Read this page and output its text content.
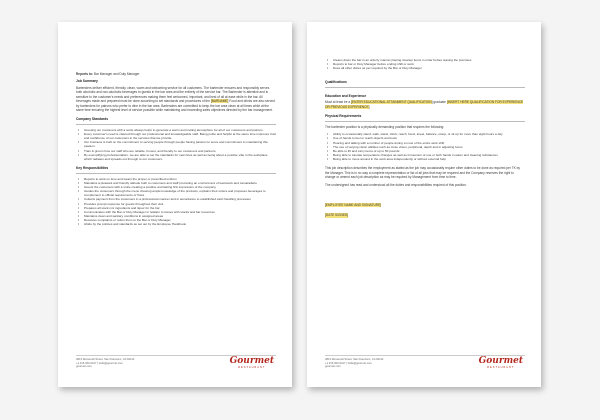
Reports to: Bar Manager and Duty Manager

Job Summary

Bartenders deliver efficient, friendly, clean, warm and welcoming service for all customers. The bartender ensures and responsibly serves both alcoholic and non-alcoholic beverages to guests in the bar area and the entirety of the service bar. The Bartender is attentive and is sensitive to the customer's needs and preferences making them feel welcomed, important, and best of all at ease while in the bar. All beverages made and prepared must be done according to set standards and procedures of the [BARNAME] Food and drinks are also served by bartenders for patrons who prefer to dine in the bar area. Bartenders are committed to keep the bar area clean at all times while at the same time ensuring the highest level of service possible while maintaining and exceeding sales objectives directed by the bar management.

Company Standards

• Greeting our customers with a smile always helps to generate a warm and inviting atmosphere for all of our customers and patrons.
• Every customer's need is catered through our professional and knowledgeable staff. Being polite and helpful at the same time improves trust and confidence of our customers in the services that we provide.
• Our business is built on the commitment to serving people through people having passion to serve and commitment to maintaining this passion.
• Train & groom how our staff who are reliable, honest, and friendly to our customers and partners.
• By exemplifying professionalism, we are able to set the standards for new hires as well as being about a positive vibe in the workplace which radiates and spreads out through to our customers.

Key Responsibilities

• Reports to work on time and wears the proper or prescribed uniform
• Maintains a pleasant and friendly attitude both to customers and staff promoting an environment of teamwork and camaraderie
• Greets the customers with a smile creating a positive and lasting first impression of the company
• Guides the customers through the menu showing ample knowledge of the products, explains their orders and proposes beverages to complement to official requirements or flows
• Collects payment from the customers in a professional manner and in accordance to established cash handling processes
• Provides prompt response for guests throughout their visit
• Prepares all stock mix ingredients and liquor for the bar
• Communicates with the Bar or Duty Manager in relation to issues with stocks and bar resources
• Maintains clean and sanitary conditions in assigned areas
• Resolves complaints or refers them to the Bar or Duty Manager
• Abide by the policies and standards as set out by the Employee Handbook
4813 Roosevelt Street, San Francisco, CA 94114
+1 415-000-0127 | hello@gourmet.com
gourmet.com
Gourmet
RESTAURANT
• Cleans down the bar in an orderly manner placing cleanup items in order before leaving the premises
• Reports to bar or Duty Manager before ending shift or work
• Does all other duties as per required by the Bar or Duty Manager

Qualifications

Education and Experience

Must at least be a [ENTER EDUCATIONAL ATTAINMENT QUALIFICATION] graduate [INSERT HERE QUALIFICATION FOR EXPERIENCE OR PREVIOUS EXPERIENCE]

Physical Requirements

The bartender position is a physically demanding position that requires the following:

• Ability to occasionally stand, walk, stand, climb, reach, bend, kneel, balance, stoop, or sit up for more than eight hours a day
• Use of hands to feel or reach objects and tools
• Hearing and talking with a number of people during a most of the entire work shift
• The use of varying vision abilities such as close vision, peripheral, depth and in adjusting focus
• Be able to lift and carry items of up to 50 pounds
• Being able to tolerate temperature changes as well as immersion of one or both hands in water and cleaning substances
• Being able to move around in the work area independently or without external help

This job description describes the employment as stated as the job may occasionally require other duties to be done as required per TK by the Manager. This is in no way a complete representation or list of all jobs that may be required and the Company reserves the right to change or amend each job description as may be required by Management from time to time.

The undersigned has read and understood all the duties and responsibilities required of this position.

[EMPLOYEE NAME AND SIGNATURE]

[DATE SIGNED]

4813 Roosevelt Street, San Francisco, CA 94114
+1 415-000-0127 | hello@gourmet.com
gourmet.com
Gourmet
RESTAURANT
